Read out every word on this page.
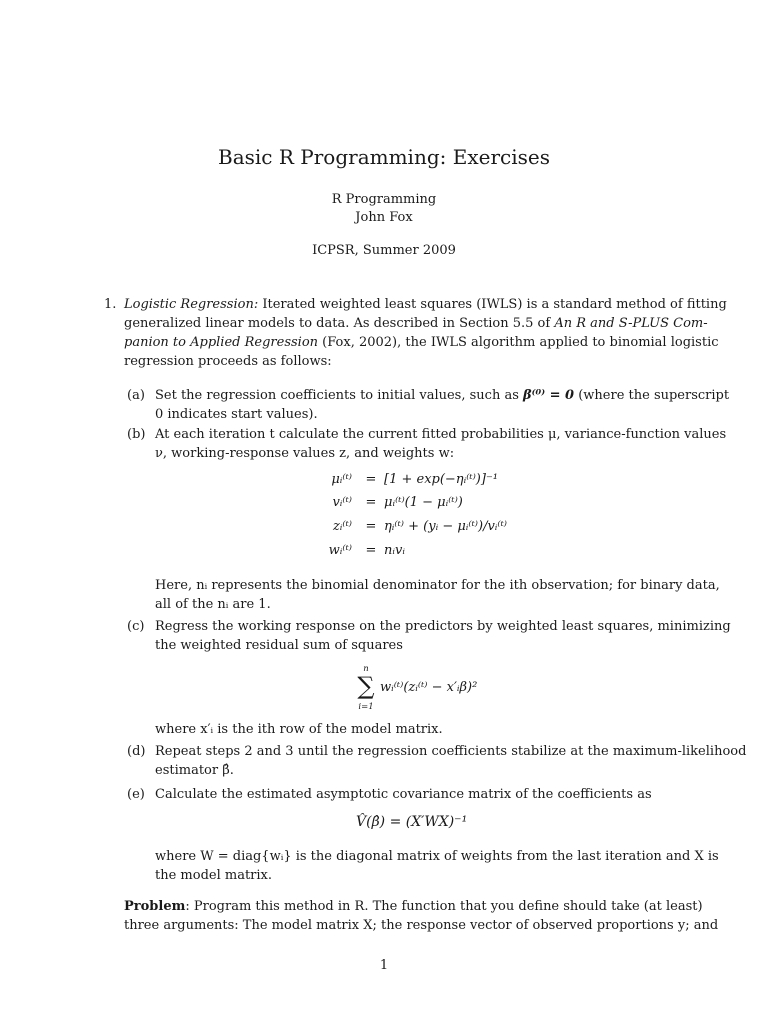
Basic R Programming: Exercises
R Programming
John Fox
ICPSR, Summer 2009
1. Logistic Regression: Iterated weighted least squares (IWLS) is a standard method of fitting
generalized linear models to data. As described in Section 5.5 of An R and S-PLUS Com-
panion to Applied Regression (Fox, 2002), the IWLS algorithm applied to binomial logistic
regression proceeds as follows:
(a) Set the regression coefficients to initial values, such as β⁽⁰⁾ = 0 (where the superscript
0 indicates start values).
(b) At each iteration t calculate the current fitted probabilities μ, variance-function values
ν, working-response values z, and weights w:
μᵢ⁽ᵗ⁾ = [1 + exp(−ηᵢ⁽ᵗ⁾)]⁻¹
vᵢ⁽ᵗ⁾ = μᵢ⁽ᵗ⁾(1 − μᵢ⁽ᵗ⁾)
zᵢ⁽ᵗ⁾ = ηᵢ⁽ᵗ⁾ + (yᵢ − μᵢ⁽ᵗ⁾)/vᵢ⁽ᵗ⁾
wᵢ⁽ᵗ⁾ = nᵢvᵢ
Here, nᵢ represents the binomial denominator for the ith observation; for binary data,
all of the nᵢ are 1.
(c) Regress the working response on the predictors by weighted least squares, minimizing
the weighted residual sum of squares
n
∑
i=1
wᵢ⁽ᵗ⁾(zᵢ⁽ᵗ⁾ − x′ᵢβ)²
where x′ᵢ is the ith row of the model matrix.
(d) Repeat steps 2 and 3 until the regression coefficients stabilize at the maximum-likelihood
estimator β̂.
(e) Calculate the estimated asymptotic covariance matrix of the coefficients as
V̂(β̂) = (X′WX)⁻¹
where W = diag{wᵢ} is the diagonal matrix of weights from the last iteration and X is
the model matrix.
Problem: Program this method in R. The function that you define should take (at least)
three arguments: The model matrix X; the response vector of observed proportions y; and
1
